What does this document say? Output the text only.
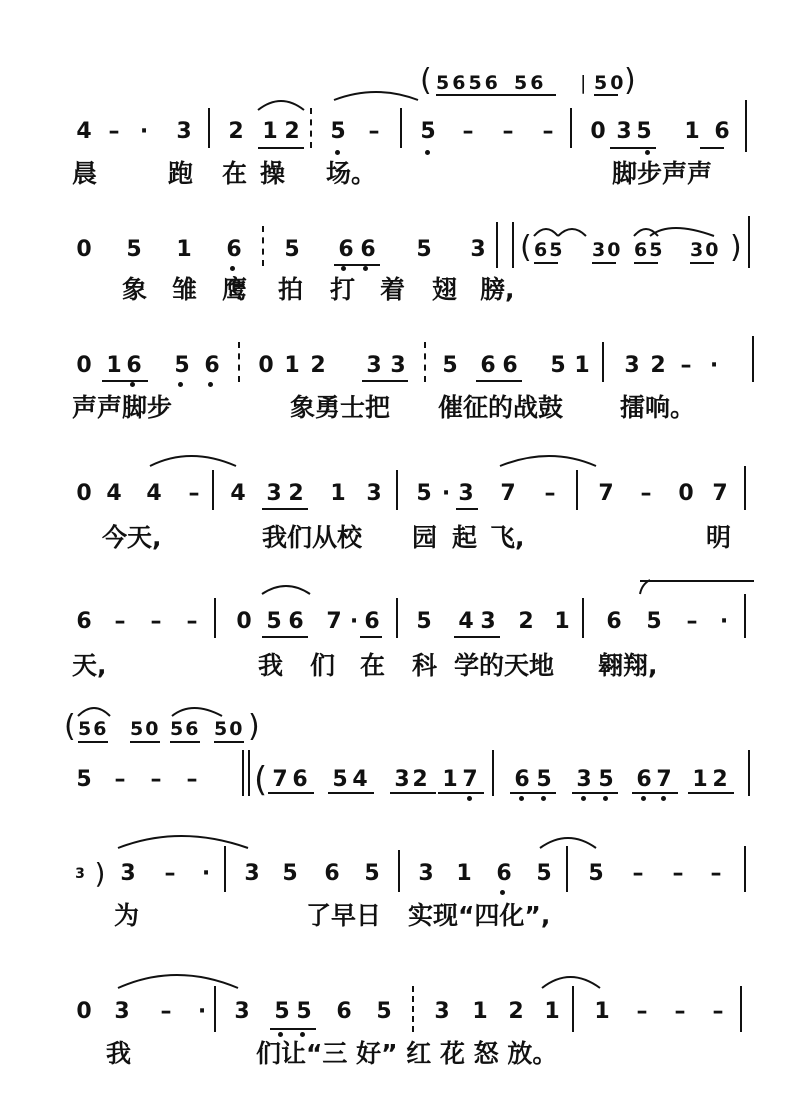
( 5656 56 | 50
)
4 – · 3 2 1 2 5 – 5 – – – 0 3 5 1 6
晨	跑 在 操 场。	脚步声声
0 5 1 6 5 6 6 5 3 ( 65 30 65 30 )
象 雏 鹰 拍 打 着 翅 膀,
0 1 6 5 6 0 1 2 3 3 5 6 6 5 1 3 2 – ·
声声脚步	象勇士把 催征的战鼓 擂响。
0 4 4 – 4 3 2 1 3 5 · 3 7 – 7 – 0 7
今天,	我们从校 园 起 飞,	明
6 – – – 0 5 6 7 · 6 5 4 3 2 1 6 5 – ·
天,	我 们 在 科 学的天地 翱翔,
( 56 50 56 50 )
5 – – – ( 7 6 5 4 3 2 1 7 6 5 3 5 6 7 1 2
3 ) 3 – · 3 5 6 5 3 1 6 5 5 – – –
为	了早日 实现“四化”,
0 3 – · 3 5 5 6 5 3 1 2 1 1 – – –
我	们让“三 好” 红 花 怒 放。
